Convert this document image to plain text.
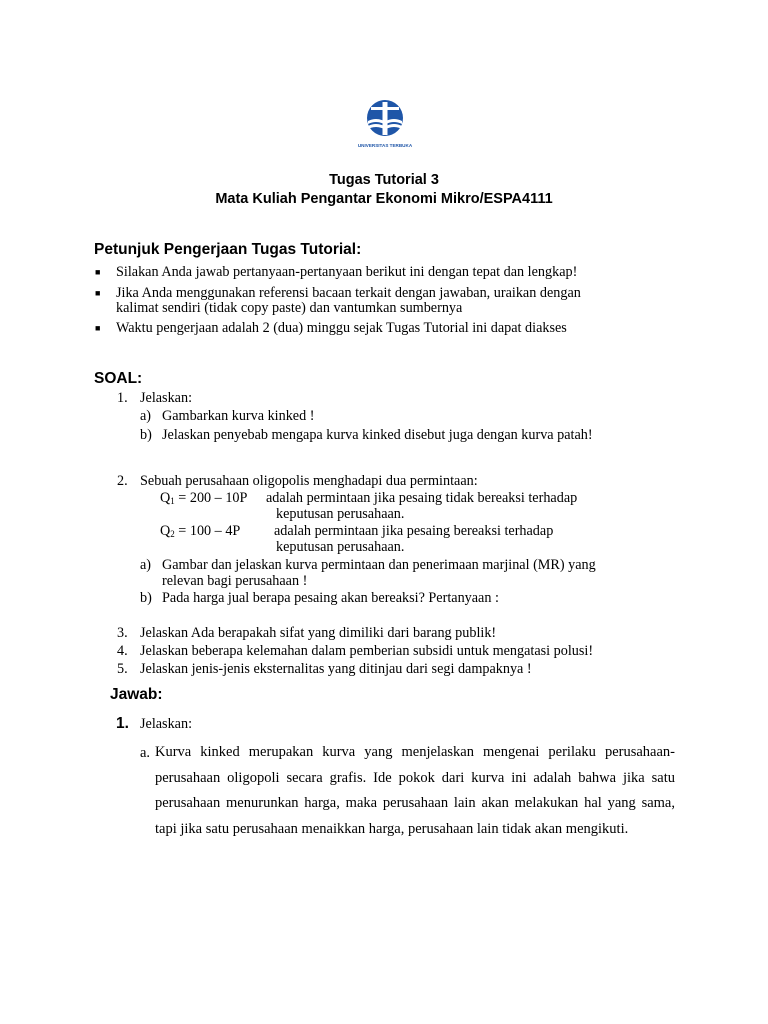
UNIVERSITAS TERBUKA
Tugas Tutorial 3
Mata Kuliah Pengantar Ekonomi Mikro/ESPA4111
Petunjuk Pengerjaan Tugas Tutorial:
■ Silakan Anda jawab pertanyaan-pertanyaan berikut ini dengan tepat dan lengkap!
■ Jika Anda menggunakan referensi bacaan terkait dengan jawaban, uraikan dengan
kalimat sendiri (tidak copy paste) dan vantumkan sumbernya
■ Waktu pengerjaan adalah 2 (dua) minggu sejak Tugas Tutorial ini dapat diakses
SOAL:
1. Jelaskan:
a) Gambarkan kurva kinked !
b) Jelaskan penyebab mengapa kurva kinked disebut juga dengan kurva patah!
2. Sebuah perusahaan oligopolis menghadapi dua permintaan:
$Q_1 = 200 - 10P$ adalah permintaan jika pesaing tidak bereaksi terhadap
keputusan perusahaan.
$Q_2 = 100 - 4P$ adalah permintaan jika pesaing bereaksi terhadap
keputusan perusahaan.
a) Gambar dan jelaskan kurva permintaan dan penerimaan marjinal (MR) yang
relevan bagi perusahaan !
b) Pada harga jual berapa pesaing akan bereaksi? Pertanyaan :
3. Jelaskan Ada berapakah sifat yang dimiliki dari barang publik!
4. Jelaskan beberapa kelemahan dalam pemberian subsidi untuk mengatasi polusi!
5. Jelaskan jenis-jenis eksternalitas yang ditinjau dari segi dampaknya !
Jawab:
1. Jelaskan:
a. Kurva kinked merupakan kurva yang menjelaskan mengenai perilaku perusahaan-perusahaan oligopoli secara grafis. Ide pokok dari kurva ini adalah bahwa jika satu perusahaan menurunkan harga, maka perusahaan lain akan melakukan hal yang sama, tapi jika satu perusahaan menaikkan harga, perusahaan lain tidak akan mengikuti.
